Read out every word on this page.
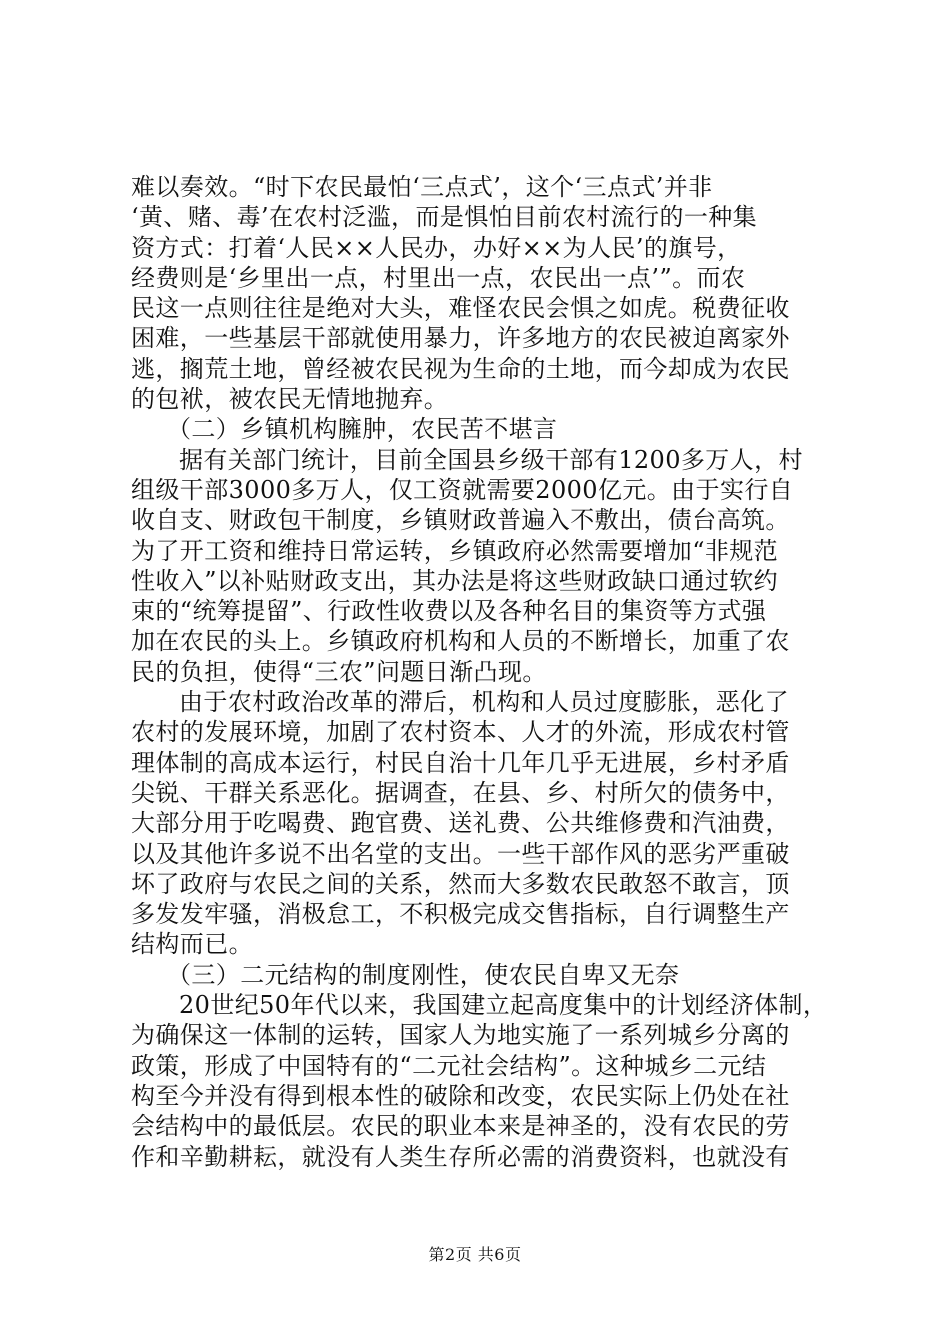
难以奏效。“时下农民最怕‘三点式’，这个‘三点式’并非
‘黄、赌、毒’在农村泛滥，而是惧怕目前农村流行的一种集
资方式：打着‘人民××人民办，办好××为人民’的旗号，
经费则是‘乡里出一点，村里出一点，农民出一点’”。而农
民这一点则往往是绝对大头，难怪农民会惧之如虎。税费征收
困难，一些基层干部就使用暴力，许多地方的农民被迫离家外
逃，搁荒土地，曾经被农民视为生命的土地，而今却成为农民
的包袱，被农民无情地抛弃。
（二）乡镇机构臃肿，农民苦不堪言
据有关部门统计，目前全国县乡级干部有1200多万人，村
组级干部3000多万人，仅工资就需要2000亿元。由于实行自
收自支、财政包干制度，乡镇财政普遍入不敷出，债台高筑。
为了开工资和维持日常运转，乡镇政府必然需要增加“非规范
性收入”以补贴财政支出，其办法是将这些财政缺口通过软约
束的“统筹提留”、行政性收费以及各种名目的集资等方式强
加在农民的头上。乡镇政府机构和人员的不断增长，加重了农
民的负担，使得“三农”问题日渐凸现。
由于农村政治改革的滞后，机构和人员过度膨胀，恶化了
农村的发展环境，加剧了农村资本、人才的外流，形成农村管
理体制的高成本运行，村民自治十几年几乎无进展，乡村矛盾
尖锐、干群关系恶化。据调查，在县、乡、村所欠的债务中，
大部分用于吃喝费、跑官费、送礼费、公共维修费和汽油费，
以及其他许多说不出名堂的支出。一些干部作风的恶劣严重破
坏了政府与农民之间的关系，然而大多数农民敢怒不敢言，顶
多发发牢骚，消极怠工，不积极完成交售指标，自行调整生产
结构而已。
（三）二元结构的制度刚性，使农民自卑又无奈
20世纪50年代以来，我国建立起高度集中的计划经济体制，
为确保这一体制的运转，国家人为地实施了一系列城乡分离的
政策，形成了中国特有的“二元社会结构”。这种城乡二元结
构至今并没有得到根本性的破除和改变，农民实际上仍处在社
会结构中的最低层。农民的职业本来是神圣的，没有农民的劳
作和辛勤耕耘，就没有人类生存所必需的消费资料，也就没有
第2页 共6页
